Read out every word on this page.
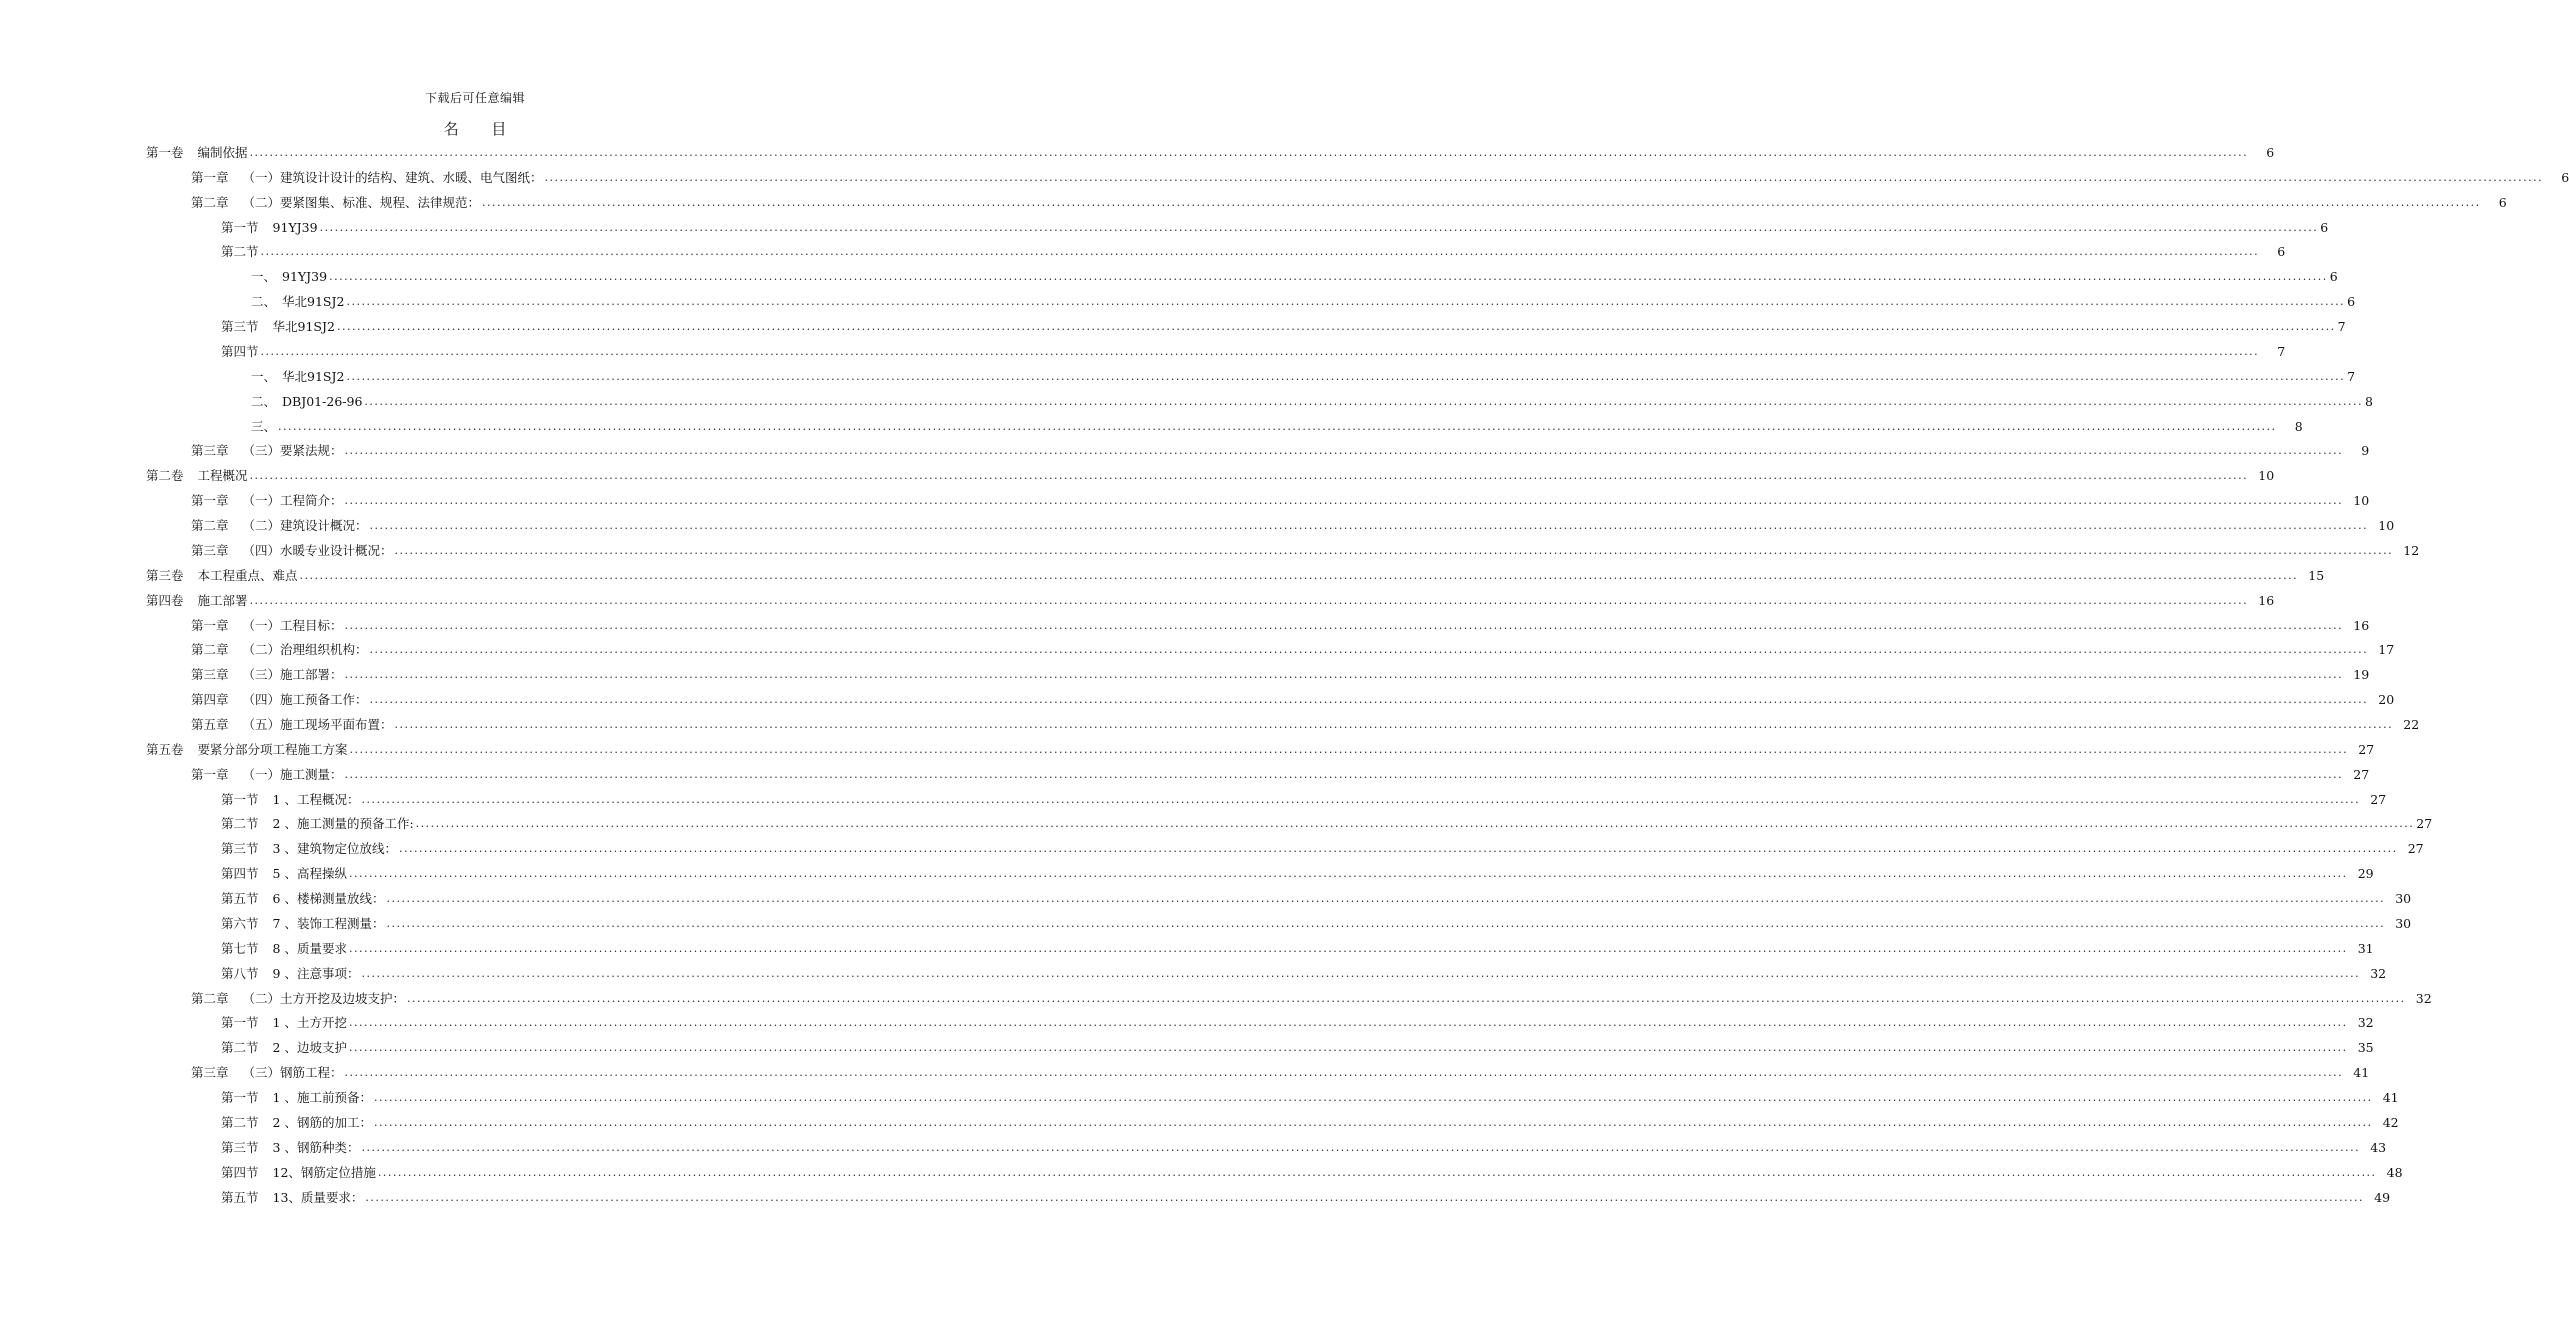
下载后可任意编辑
名 目
第一卷 编制依据 ................................................................................................................................................................................................................................................................................................................................................................................................................	6
第一章 （一）建筑设计设计的结构、建筑、水暖、电气图纸： ................................................................................................................................................................................................................................................................................................................................................................................................................	6
第二章 （二）要紧图集、标准、规程、法律规范： ................................................................................................................................................................................................................................................................................................................................................................................................................	6
第一节 91YJ39 ................................................................................................................................................................................................................................................................................................................................................................................................................ 6
第二节 ................................................................................................................................................................................................................................................................................................................................................................................................................	6
一、 91YJ39 ................................................................................................................................................................................................................................................................................................................................................................................................................ 6
二、 华北91SJ2 ................................................................................................................................................................................................................................................................................................................................................................................................................ 6
第三节 华北91SJ2 ................................................................................................................................................................................................................................................................................................................................................................................................................ 7
第四节 ................................................................................................................................................................................................................................................................................................................................................................................................................	7
一、 华北91SJ2 ................................................................................................................................................................................................................................................................................................................................................................................................................ 7
二、 DBJ01-26-96 ................................................................................................................................................................................................................................................................................................................................................................................................................ 8
三、 ................................................................................................................................................................................................................................................................................................................................................................................................................	8
第三章 （三）要紧法规： ................................................................................................................................................................................................................................................................................................................................................................................................................	9
第二卷 工程概况 ................................................................................................................................................................................................................................................................................................................................................................................................................ 10
第一章 （一）工程简介： ................................................................................................................................................................................................................................................................................................................................................................................................................ 10
第二章 （二）建筑设计概况： ................................................................................................................................................................................................................................................................................................................................................................................................................ 10
第三章 （四）水暖专业设计概况： ................................................................................................................................................................................................................................................................................................................................................................................................................ 12
第三卷 本工程重点、难点 ................................................................................................................................................................................................................................................................................................................................................................................................................ 15
第四卷 施工部署 ................................................................................................................................................................................................................................................................................................................................................................................................................ 16
第一章 （一）工程目标： ................................................................................................................................................................................................................................................................................................................................................................................................................ 16
第二章 （二）治理组织机构： ................................................................................................................................................................................................................................................................................................................................................................................................................ 17
第三章 （三）施工部署： ................................................................................................................................................................................................................................................................................................................................................................................................................ 19
第四章 （四）施工预备工作： ................................................................................................................................................................................................................................................................................................................................................................................................................ 20
第五章 （五）施工现场平面布置： ................................................................................................................................................................................................................................................................................................................................................................................................................ 22
第五卷 要紧分部分项工程施工方案 ................................................................................................................................................................................................................................................................................................................................................................................................................ 27
第一章 （一）施工测量： ................................................................................................................................................................................................................................................................................................................................................................................................................ 27
第一节 1 、工程概况： ................................................................................................................................................................................................................................................................................................................................................................................................................ 27
第二节 2 、施工测量的预备工作: ................................................................................................................................................................................................................................................................................................................................................................................................................ 27
第三节 3 、建筑物定位放线： ................................................................................................................................................................................................................................................................................................................................................................................................................ 27
第四节 5 、高程操纵 ................................................................................................................................................................................................................................................................................................................................................................................................................ 29
第五节 6 、楼梯测量放线： ................................................................................................................................................................................................................................................................................................................................................................................................................ 30
第六节 7 、装饰工程测量： ................................................................................................................................................................................................................................................................................................................................................................................................................ 30
第七节 8 、质量要求 ................................................................................................................................................................................................................................................................................................................................................................................................................ 31
第八节 9 、注意事项： ................................................................................................................................................................................................................................................................................................................................................................................................................ 32
第二章 （二）土方开挖及边坡支护： ................................................................................................................................................................................................................................................................................................................................................................................................................ 32
第一节 1 、土方开挖 ................................................................................................................................................................................................................................................................................................................................................................................................................ 32
第二节 2 、边坡支护 ................................................................................................................................................................................................................................................................................................................................................................................................................ 35
第三章 （三）钢筋工程： ................................................................................................................................................................................................................................................................................................................................................................................................................ 41
第一节 1 、施工前预备： ................................................................................................................................................................................................................................................................................................................................................................................................................ 41
第二节 2 、钢筋的加工： ................................................................................................................................................................................................................................................................................................................................................................................................................ 42
第三节 3 、钢筋种类： ................................................................................................................................................................................................................................................................................................................................................................................................................ 43
第四节 12、钢筋定位措施 ................................................................................................................................................................................................................................................................................................................................................................................................................ 48
第五节 13、质量要求： ................................................................................................................................................................................................................................................................................................................................................................................................................ 49
